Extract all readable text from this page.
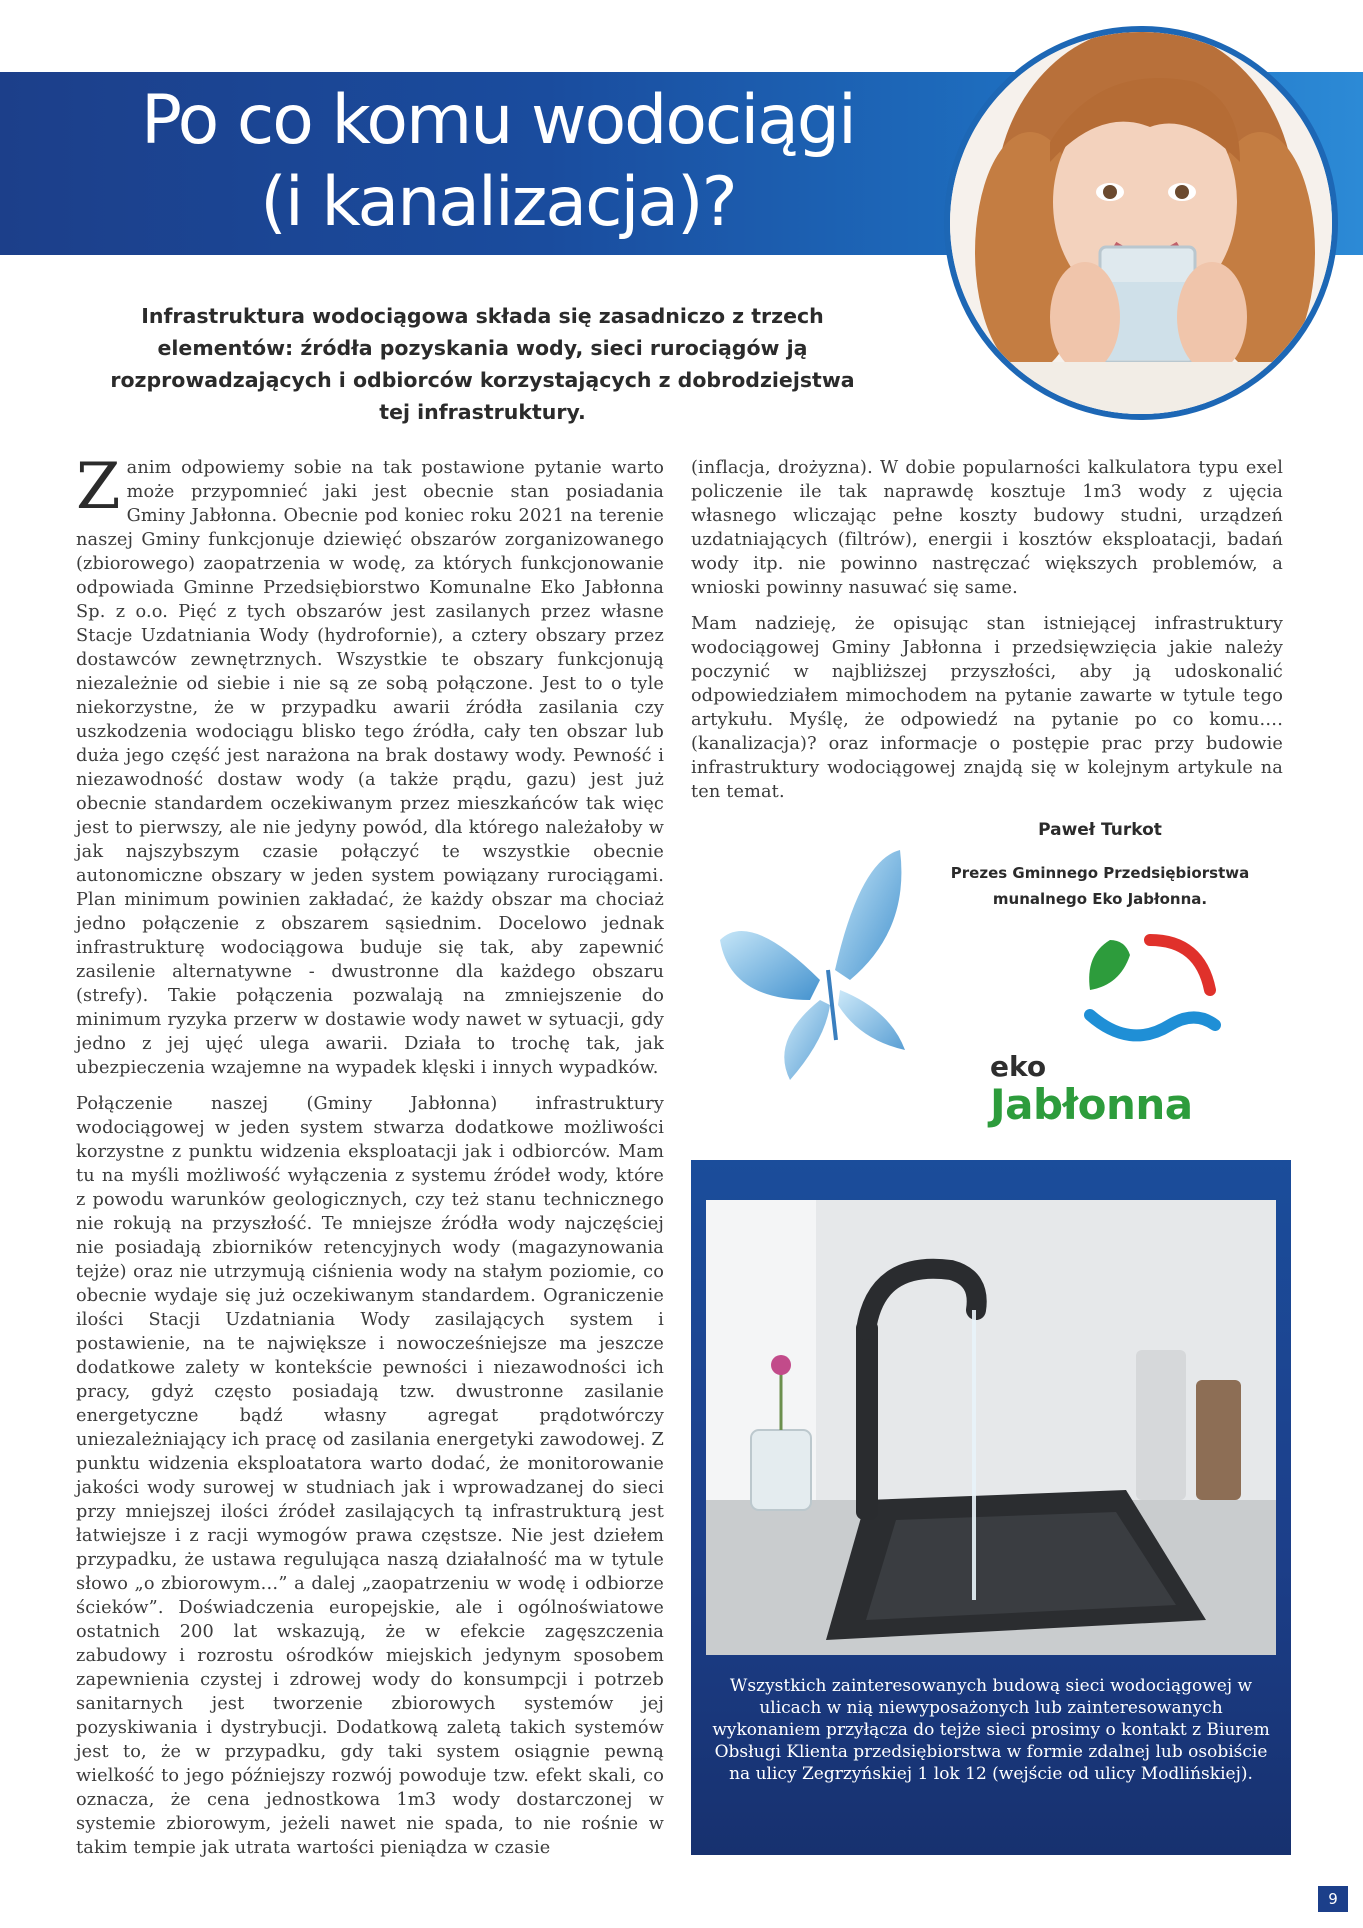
Po co komu wodociągi
(i kanalizacja)?

Infrastruktura wodociągowa składa się zasadniczo z trzech elementów: źródła pozyskania wody, sieci rurociągów ją rozprowadzających i odbiorców korzystających z dobrodziejstwa tej infrastruktury.

Zanim odpowiemy sobie na tak postawione pytanie warto może przypomnieć jaki jest obecnie stan posiadania Gminy Jabłonna. Obecnie pod koniec roku 2021 na terenie naszej Gminy funkcjonuje dziewięć obszarów zorganizowanego (zbiorowego) zaopatrzenia w wodę, za których funkcjonowanie odpowiada Gminne Przedsiębiorstwo Komunalne Eko Jabłonna Sp. z o.o. Pięć z tych obszarów jest zasilanych przez własne Stacje Uzdatniania Wody (hydrofornie), a cztery obszary przez dostawców zewnętrznych. Wszystkie te obszary funkcjonują niezależnie od siebie i nie są ze sobą połączone. Jest to o tyle niekorzystne, że w przypadku awarii źródła zasilania czy uszkodzenia wodociągu blisko tego źródła, cały ten obszar lub duża jego część jest narażona na brak dostawy wody. Pewność i niezawodność dostaw wody (a także prądu, gazu) jest już obecnie standardem oczekiwanym przez mieszkańców tak więc jest to pierwszy, ale nie jedyny powód, dla którego należałoby w jak najszybszym czasie połączyć te wszystkie obecnie autonomiczne obszary w jeden system powiązany rurociągami. Plan minimum powinien zakładać, że każdy obszar ma chociaż jedno połączenie z obszarem sąsiednim. Docelowo jednak infrastrukturę wodociągowa buduje się tak, aby zapewnić zasilenie alternatywne - dwustronne dla każdego obszaru (strefy). Takie połączenia pozwalają na zmniejszenie do minimum ryzyka przerw w dostawie wody nawet w sytuacji, gdy jedno z jej ujęć ulega awarii. Działa to trochę tak, jak ubezpieczenia wzajemne na wypadek klęski i innych wypadków.

Połączenie naszej (Gminy Jabłonna) infrastruktury wodociągowej w jeden system stwarza dodatkowe możliwości korzystne z punktu widzenia eksploatacji jak i odbiorców. Mam tu na myśli możliwość wyłączenia z systemu źródeł wody, które z powodu warunków geologicznych, czy też stanu technicznego nie rokują na przyszłość. Te mniejsze źródła wody najczęściej nie posiadają zbiorników retencyjnych wody (magazynowania tejże) oraz nie utrzymują ciśnienia wody na stałym poziomie, co obecnie wydaje się już oczekiwanym standardem. Ograniczenie ilości Stacji Uzdatniania Wody zasilających system i postawienie, na te największe i nowocześniejsze ma jeszcze dodatkowe zalety w kontekście pewności i niezawodności ich pracy, gdyż często posiadają tzw. dwustronne zasilanie energetyczne bądź własny agregat prądotwórczy uniezależniający ich pracę od zasilania energetyki zawodowej. Z punktu widzenia eksploatatora warto dodać, że monitorowanie jakości wody surowej w studniach jak i wprowadzanej do sieci przy mniejszej ilości źródeł zasilających tą infrastrukturą jest łatwiejsze i z racji wymogów prawa częstsze. Nie jest dziełem przypadku, że ustawa regulująca naszą działalność ma w tytule słowo „o zbiorowym…” a dalej „zaopatrzeniu w wodę i odbiorze ścieków”. Doświadczenia europejskie, ale i ogólnoświatowe ostatnich 200 lat wskazują, że w efekcie zagęszczenia zabudowy i rozrostu ośrodków miejskich jedynym sposobem zapewnienia czystej i zdrowej wody do konsumpcji i potrzeb sanitarnych jest tworzenie zbiorowych systemów jej pozyskiwania i dystrybucji. Dodatkową zaletą takich systemów jest to, że w przypadku, gdy taki system osiągnie pewną wielkość to jego późniejszy rozwój powoduje tzw. efekt skali, co oznacza, że cena jednostkowa 1m3 wody dostarczonej w systemie zbiorowym, jeżeli nawet nie spada, to nie rośnie w takim tempie jak utrata wartości pieniądza w czasie

(inflacja, drożyzna). W dobie popularności kalkulatora typu exel policzenie ile tak naprawdę kosztuje 1m3 wody z ujęcia własnego wliczając pełne koszty budowy studni, urządzeń uzdatniających (filtrów), energii i kosztów eksploatacji, badań wody itp. nie powinno nastręczać większych problemów, a wnioski powinny nasuwać się same.

Mam nadzieję, że opisując stan istniejącej infrastruktury wodociągowej Gminy Jabłonna i przedsięwzięcia jakie należy poczynić w najbliższej przyszłości, aby ją udoskonalić odpowiedziałem mimochodem na pytanie zawarte w tytule tego artykułu. Myślę, że odpowiedź na pytanie po co komu…. (kanalizacja)? oraz informacje o postępie prac przy budowie infrastruktury wodociągowej znajdą się w kolejnym artykule na ten temat.

Paweł Turkot
Prezes Gminnego Przedsiębiorstwa
munalnego Eko Jabłonna.
eko
Jabłonna

Wszystkich zainteresowanych budową sieci wodociągowej w ulicach w nią niewyposażonych lub zainteresowanych wykonaniem przyłącza do tejże sieci prosimy o kontakt z Biurem Obsługi Klienta przedsiębiorstwa w formie zdalnej lub osobiście na ulicy Zegrzyńskiej 1 lok 12 (wejście od ulicy Modlińskiej).

9
